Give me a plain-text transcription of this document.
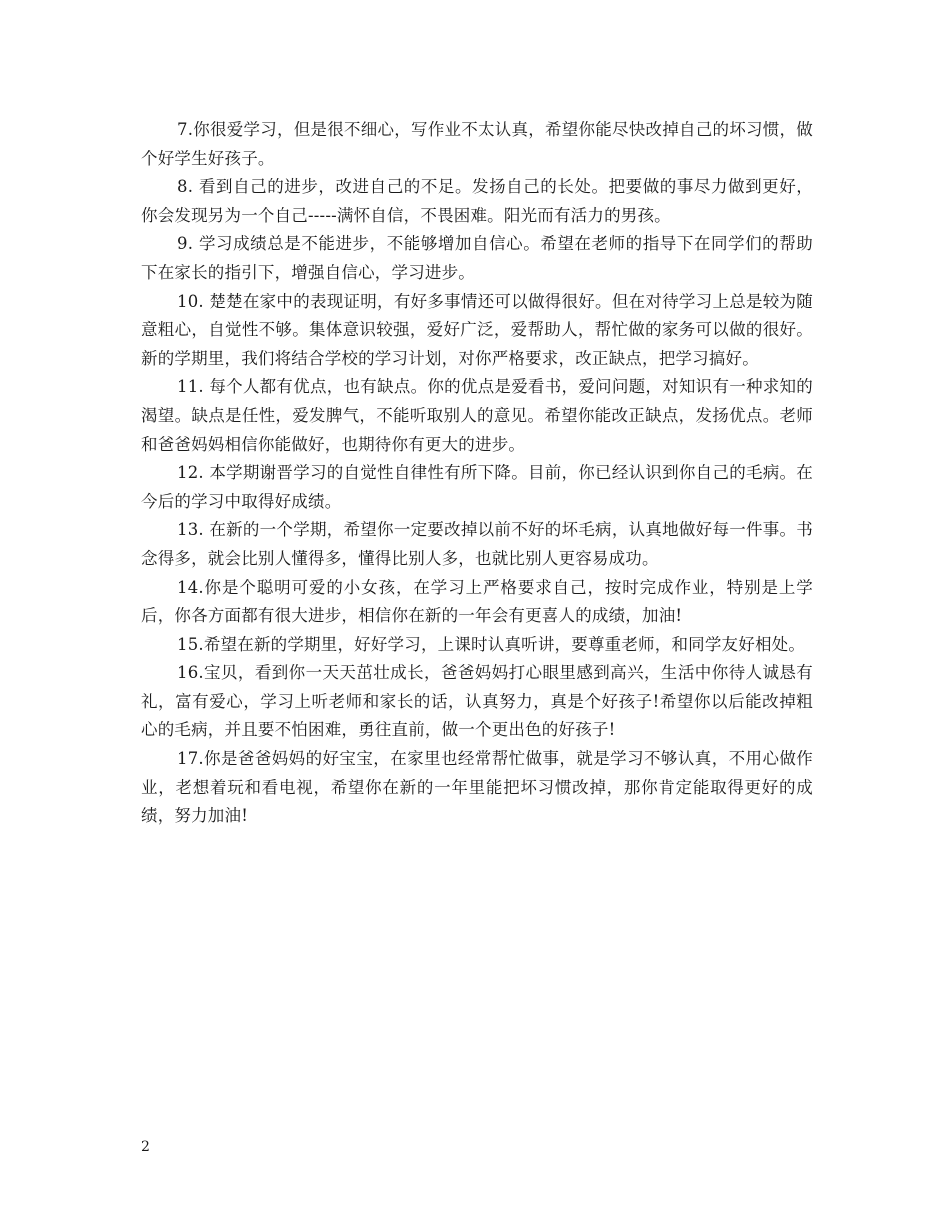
7.你很爱学习，但是很不细心，写作业不太认真，希望你能尽快改掉自己的坏习惯，做个好学生好孩子。

8. 看到自己的进步，改进自己的不足。发扬自己的长处。把要做的事尽力做到更好，你会发现另为一个自己-----满怀自信，不畏困难。阳光而有活力的男孩。

9. 学习成绩总是不能进步，不能够增加自信心。希望在老师的指导下在同学们的帮助下在家长的指引下，增强自信心，学习进步。

10. 楚楚在家中的表现证明，有好多事情还可以做得很好。但在对待学习上总是较为随意粗心，自觉性不够。集体意识较强，爱好广泛，爱帮助人，帮忙做的家务可以做的很好。新的学期里，我们将结合学校的学习计划，对你严格要求，改正缺点，把学习搞好。

11. 每个人都有优点，也有缺点。你的优点是爱看书，爱问问题，对知识有一种求知的渴望。缺点是任性，爱发脾气，不能听取别人的意见。希望你能改正缺点，发扬优点。老师和爸爸妈妈相信你能做好，也期待你有更大的进步。

12. 本学期谢晋学习的自觉性自律性有所下降。目前，你已经认识到你自己的毛病。在今后的学习中取得好成绩。

13. 在新的一个学期，希望你一定要改掉以前不好的坏毛病，认真地做好每一件事。书念得多，就会比别人懂得多，懂得比别人多，也就比别人更容易成功。

14.你是个聪明可爱的小女孩，在学习上严格要求自己，按时完成作业，特别是上学后，你各方面都有很大进步，相信你在新的一年会有更喜人的成绩，加油!

15.希望在新的学期里，好好学习，上课时认真听讲，要尊重老师，和同学友好相处。

16.宝贝，看到你一天天茁壮成长，爸爸妈妈打心眼里感到高兴，生活中你待人诚恳有礼，富有爱心，学习上听老师和家长的话，认真努力，真是个好孩子!希望你以后能改掉粗心的毛病，并且要不怕困难，勇往直前，做一个更出色的好孩子!

17.你是爸爸妈妈的好宝宝，在家里也经常帮忙做事，就是学习不够认真，不用心做作业，老想着玩和看电视，希望你在新的一年里能把坏习惯改掉，那你肯定能取得更好的成绩，努力加油!

2
